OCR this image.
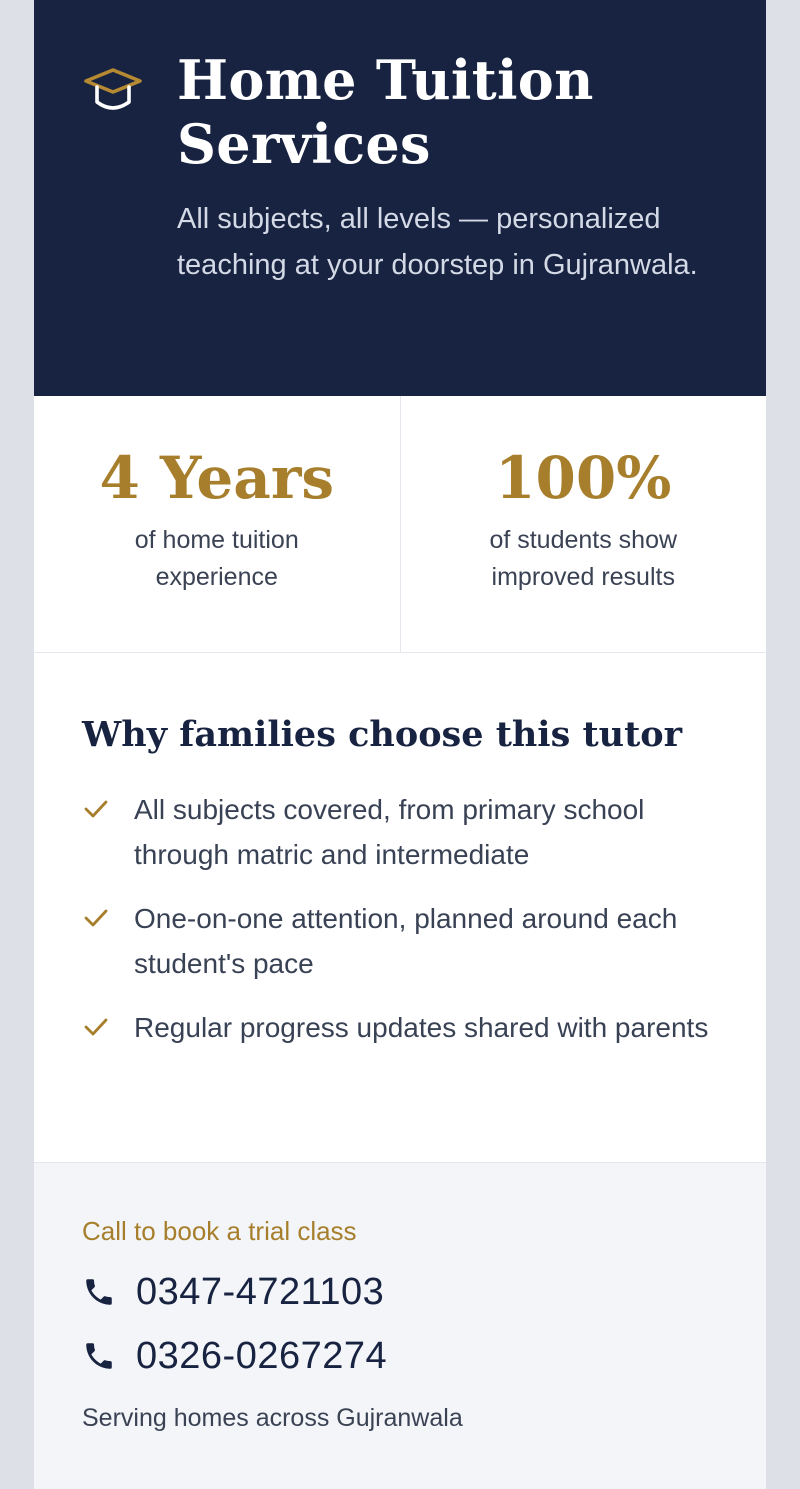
Home Tuition Services

All subjects, all levels — personalized teaching at your doorstep in Gujranwala.

4 Years
of home tuition experience
100%
of students show improved results
Why families choose this tutor
All subjects covered, from primary school through matric and intermediate
One-on-one attention, planned around each student's pace
Regular progress updates shared with parents
Call to book a trial class
0347-4721103
0326-0267274
Serving homes across Gujranwala
